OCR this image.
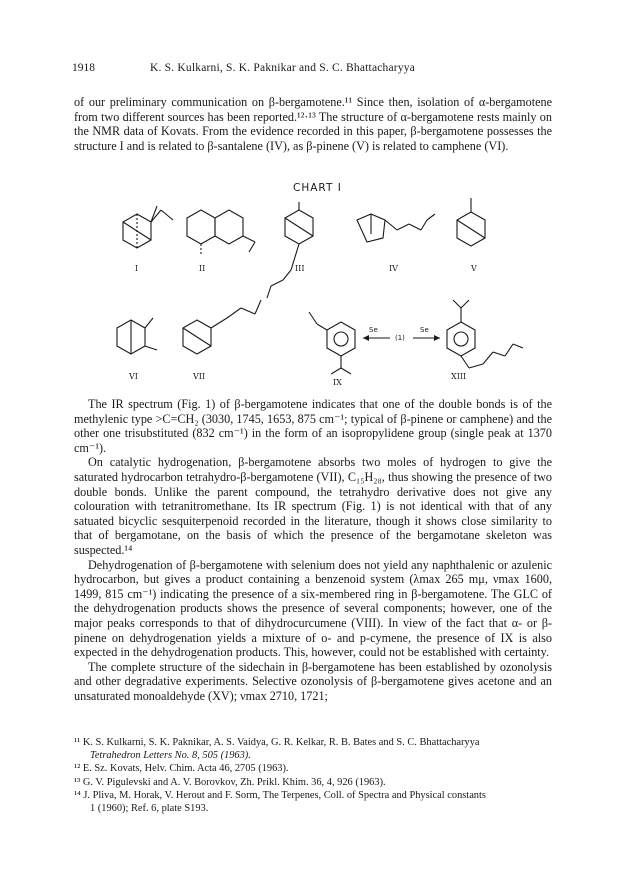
1918	K. S. Kulkarni, S. K. Paknikar and S. C. Bhattacharyya

of our preliminary communication on β-bergamotene.¹¹ Since then, isolation of α-bergamotene from two different sources has been reported.¹²·¹³ The structure of α-bergamotene rests mainly on the NMR data of Kovats. From the evidence recorded in this paper, β-bergamotene possesses the structure I and is related to β-santalene (IV), as β-pinene (V) is related to camphene (VI).

CHART I
I	II	III	IV	V
VI	VII
IX
XIII
Se
(1)
Se

The IR spectrum (Fig. 1) of β-bergamotene indicates that one of the double bonds is of the methylenic type >C=CH₂ (3030, 1745, 1653, 875 cm⁻¹; typical of β-pinene or camphene) and the other one trisubstituted (832 cm⁻¹) in the form of an isopropylidene group (single peak at 1370 cm⁻¹).

On catalytic hydrogenation, β-bergamotene absorbs two moles of hydrogen to give the saturated hydrocarbon tetrahydro-β-bergamotene (VII), C₁₅H₂₈, thus showing the presence of two double bonds. Unlike the parent compound, the tetrahydro derivative does not give any colouration with tetranitromethane. Its IR spectrum (Fig. 1) is not identical with that of any satuated bicyclic sesquiterpenoid recorded in the literature, though it shows close similarity to that of bergamotane, on the basis of which the presence of the bergamotane skeleton was suspected.¹⁴

Dehydrogenation of β-bergamotene with selenium does not yield any naphthalenic or azulenic hydrocarbon, but gives a product containing a benzenoid system (λmax 265 mμ, νmax 1600, 1499, 815 cm⁻¹) indicating the presence of a six-membered ring in β-bergamotene. The GLC of the dehydrogenation products shows the presence of several components; however, one of the major peaks corresponds to that of dihydrocurcumene (VIII). In view of the fact that α- or β- pinene on dehydrogenation yields a mixture of o- and p-cymene, the presence of IX is also expected in the dehydrogenation products. This, however, could not be established with certainty.

The complete structure of the sidechain in β-bergamotene has been established by ozonolysis and other degradative experiments. Selective ozonolysis of β-bergamotene gives acetone and an unsaturated monoaldehyde (XV); νmax 2710, 1721;

¹¹ K. S. Kulkarni, S. K. Paknikar, A. S. Vaidya, G. R. Kelkar, R. B. Bates and S. C. Bhattacharyya

Tetrahedron Letters No. 8, 505 (1963).

¹² E. Sz. Kovats, Helv. Chim. Acta 46, 2705 (1963).

¹³ G. V. Pigulevski and A. V. Borovkov, Zh. Prikl. Khim. 36, 4, 926 (1963).

¹⁴ J. Pliva, M. Horak, V. Herout and F. Sorm, The Terpenes, Coll. of Spectra and Physical constants

1 (1960); Ref. 6, plate S193.
